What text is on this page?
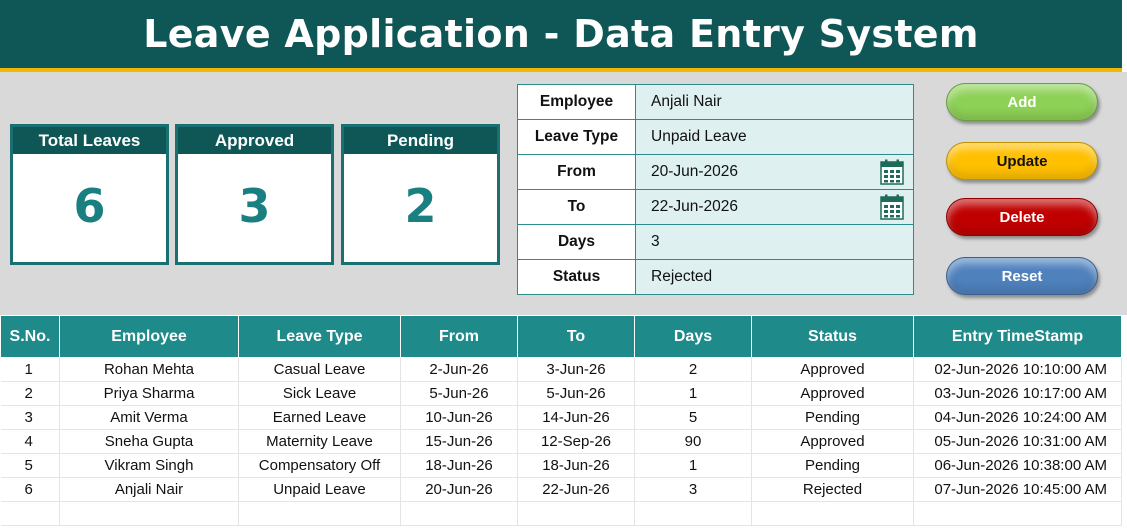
Leave Application - Data Entry System
Total Leaves
6
Approved
3
Pending
2
Employee	Anjali Nair
Leave Type	Unpaid Leave
From	20-Jun-2026

To	22-Jun-2026

Days	3
Status	Rejected
Add
Update
Delete
Reset
S.No.	Employee	Leave Type	From	To	Days	Status	Entry TimeStamp
1	Rohan Mehta	Casual Leave	2-Jun-26	3-Jun-26	2	Approved	02-Jun-2026 10:10:00 AM
2	Priya Sharma	Sick Leave	5-Jun-26	5-Jun-26	1	Approved	03-Jun-2026 10:17:00 AM
3	Amit Verma	Earned Leave	10-Jun-26	14-Jun-26	5	Pending	04-Jun-2026 10:24:00 AM
4	Sneha Gupta	Maternity Leave	15-Jun-26	12-Sep-26	90	Approved	05-Jun-2026 10:31:00 AM
5	Vikram Singh	Compensatory Off	18-Jun-26	18-Jun-26	1	Pending	06-Jun-2026 10:38:00 AM
6	Anjali Nair	Unpaid Leave	20-Jun-26	22-Jun-26	3	Rejected	07-Jun-2026 10:45:00 AM
